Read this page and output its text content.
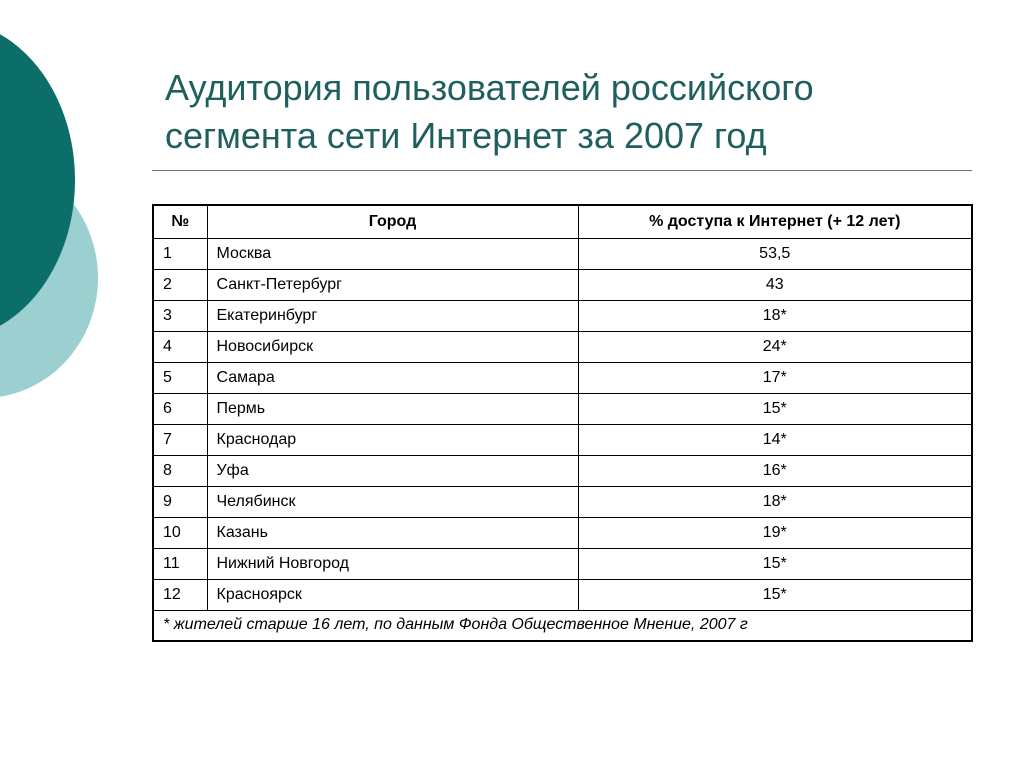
Аудитория пользователей российского
сегмента сети Интернет за 2007 год
№	Город	% доступа к Интернет (+ 12 лет)
1	Москва	53,5
2	Санкт-Петербург	43
3	Екатеринбург	18*
4	Новосибирск	24*
5	Самара	17*
6	Пермь	15*
7	Краснодар	14*
8	Уфа	16*
9	Челябинск	18*
10	Казань	19*
11	Нижний Новгород	15*
12	Красноярск	15*
* жителей старше 16 лет, по данным Фонда Общественное Мнение, 2007 г		
